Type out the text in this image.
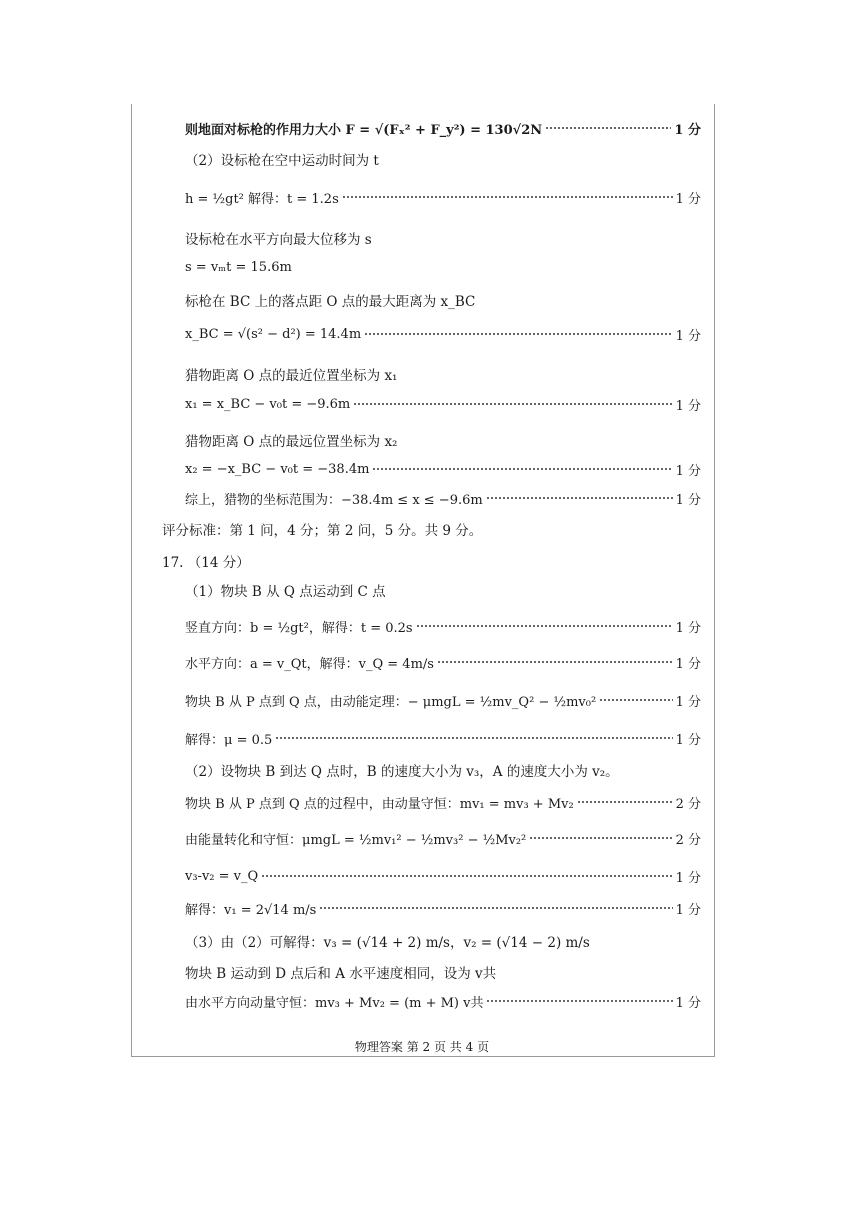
则地面对标枪的作用力大小 F = √(Fₓ² + F_y²) = 130√2N	1 分
（2）设标枪在空中运动时间为 t
h = ½gt² 解得：t = 1.2s	1 分
设标枪在水平方向最大位移为 s
s = vₘt = 15.6m
标枪在 BC 上的落点距 O 点的最大距离为 x_BC
x_BC = √(s² − d²) = 14.4m	1 分
猎物距离 O 点的最近位置坐标为 x₁
x₁ = x_BC − v₀t = −9.6m	1 分
猎物距离 O 点的最远位置坐标为 x₂
x₂ = −x_BC − v₀t = −38.4m	1 分
综上，猎物的坐标范围为：−38.4m ≤ x ≤ −9.6m	1 分
评分标准：第 1 问，4 分；第 2 问，5 分。共 9 分。
17. （14 分）
（1）物块 B 从 Q 点运动到 C 点
竖直方向：b = ½gt²，解得：t = 0.2s	1 分
水平方向：a = v_Qt，解得：v_Q = 4m/s	1 分
物块 B 从 P 点到 Q 点，由动能定理：− μmgL = ½mv_Q² − ½mv₀²	1 分
解得：μ = 0.5	1 分
（2）设物块 B 到达 Q 点时，B 的速度大小为 v₃，A 的速度大小为 v₂。
物块 B 从 P 点到 Q 点的过程中，由动量守恒：mv₁ = mv₃ + Mv₂	2 分
由能量转化和守恒：μmgL = ½mv₁² − ½mv₃² − ½Mv₂²	2 分
v₃-v₂ = v_Q	1 分
解得：v₁ = 2√14 m/s	1 分
（3）由（2）可解得：v₃ = (√14 + 2) m/s，v₂ = (√14 − 2) m/s
物块 B 运动到 D 点后和 A 水平速度相同，设为 v共
由水平方向动量守恒：mv₃ + Mv₂ = (m + M) v共	1 分
物理答案 第 2 页 共 4 页
